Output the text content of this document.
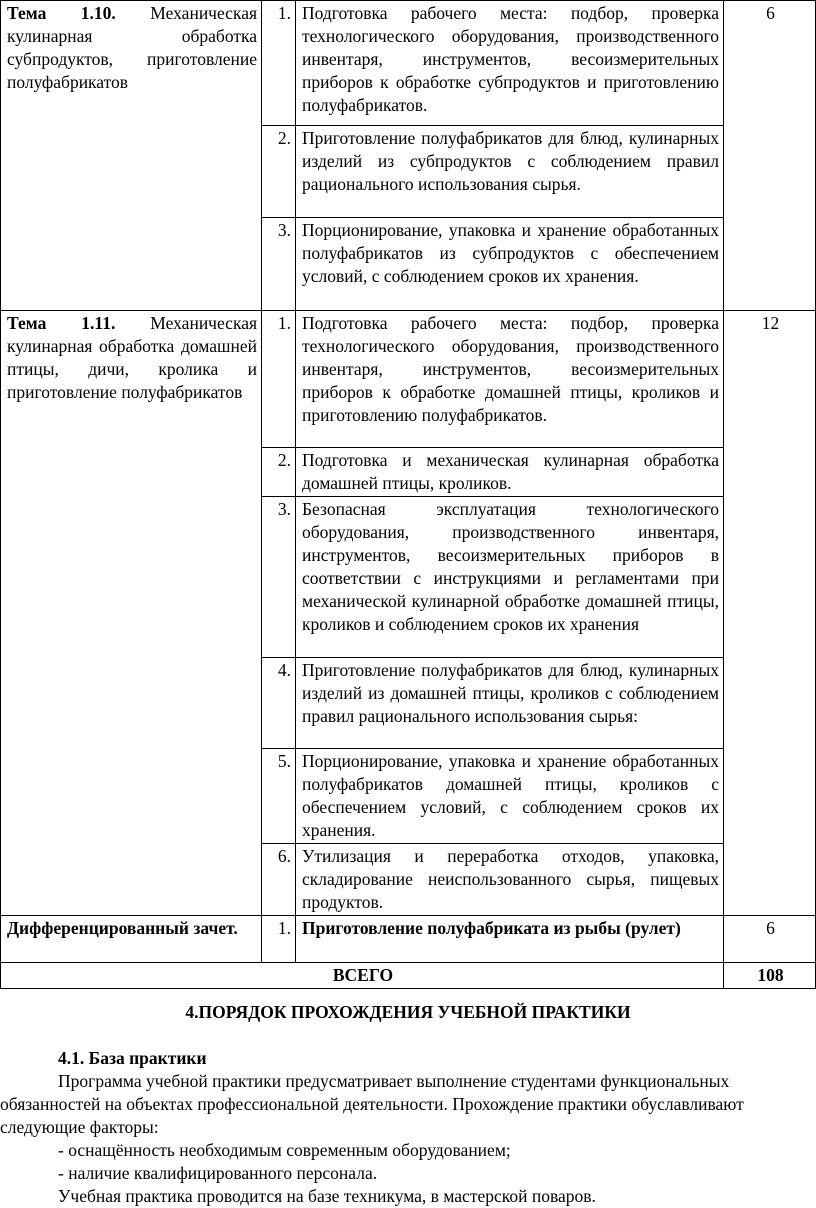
Тема 1.10. Механическая кулинарная обработка субпродуктов, приготовление полуфабрикатов	1.	Подготовка рабочего места: подбор, проверка технологического оборудования, производственного инвентаря, инструментов, весоизмерительных приборов к обработке субпродуктов и приготовлению полуфабрикатов.	6
	2.	Приготовление полуфабрикатов для блюд, кулинарных изделий из субпродуктов с соблюдением правил рационального использования сырья.	
	3.	Порционирование, упаковка и хранение обработанных полуфабрикатов из субпродуктов с обеспечением условий, с соблюдением сроков их хранения.	
Тема 1.11. Механическая кулинарная обработка домашней птицы, дичи, кролика и приготовление полуфабрикатов	1.	Подготовка рабочего места: подбор, проверка технологического оборудования, производственного инвентаря, инструментов, весоизмерительных приборов к обработке домашней птицы, кроликов и приготовлению полуфабрикатов.	12
	2.	Подготовка и механическая кулинарная обработка домашней птицы, кроликов.	
	3.	Безопасная эксплуатация технологического оборудования, производственного инвентаря, инструментов, весоизмерительных приборов в соответствии с инструкциями и регламентами при механической кулинарной обработке домашней птицы, кроликов и соблюдением сроков их хранения	
	4.	Приготовление полуфабрикатов для блюд, кулинарных изделий из домашней птицы, кроликов с соблюдением правил рационального использования сырья:	
	5.	Порционирование, упаковка и хранение обработанных полуфабрикатов домашней птицы, кроликов с обеспечением условий, с соблюдением сроков их хранения.	
	6.	Утилизация и переработка отходов, упаковка, складирование неиспользованного сырья, пищевых продуктов.	
Дифференцированный зачет.	1.	Приготовление полуфабриката из рыбы (рулет)	6
ВСЕГО			108
4.ПОРЯДОК ПРОХОЖДЕНИЯ УЧЕБНОЙ ПРАКТИКИ
4.1. База практики

Программа учебной практики предусматривает выполнение студентами функциональных обязанностей на объектах профессиональной деятельности. Прохождение практики обуславливают следующие факторы:

- оснащённость необходимым современным оборудованием;

- наличие квалифицированного персонала.

Учебная практика проводится на базе техникума, в мастерской поваров.
